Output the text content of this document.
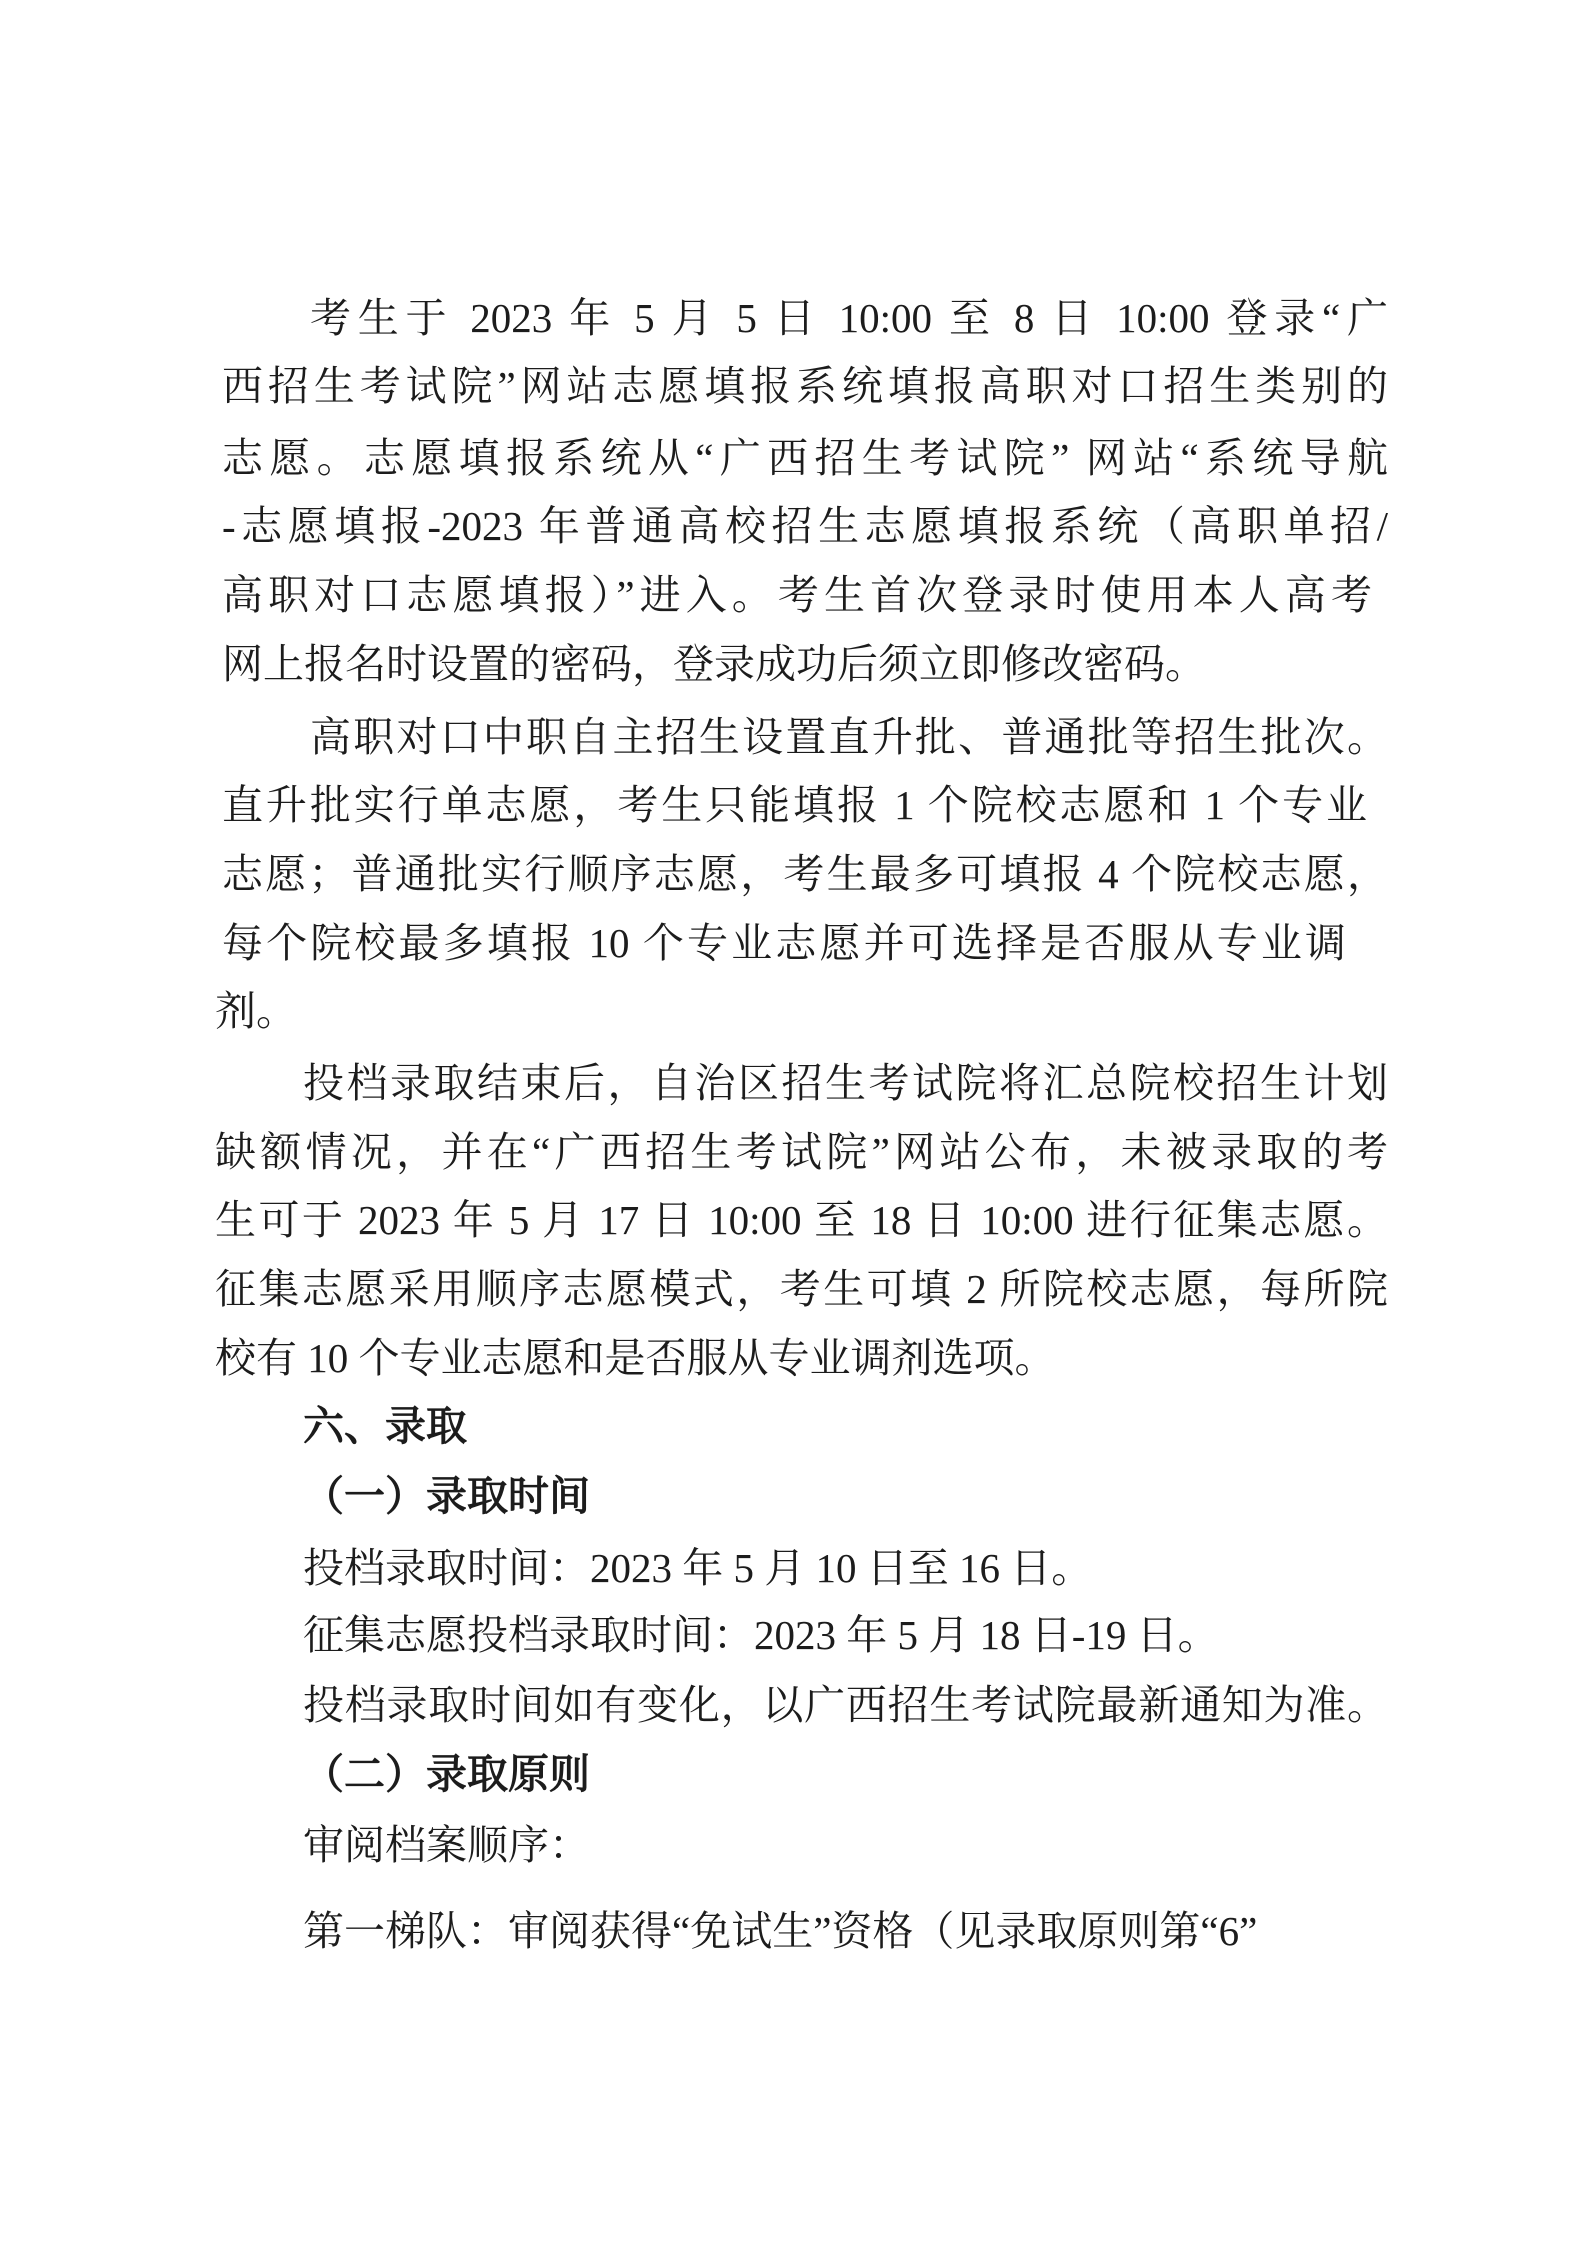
考生于 2023 年 5 月 5 日 10:00 至 8 日 10:00 登录“广
西招生考试院”网站志愿填报系统填报高职对口招生类别的
志愿。志愿填报系统从“广西招生考试院” 网站“系统导航
-志愿填报-2023 年普通高校招生志愿填报系统（高职单招/
高职对口志愿填报）”进入。考生首次登录时使用本人高考
网上报名时设置的密码，登录成功后须立即修改密码。
高职对口中职自主招生设置直升批、普通批等招生批次。
直升批实行单志愿，考生只能填报 1 个院校志愿和 1 个专业
志愿；普通批实行顺序志愿，考生最多可填报 4 个院校志愿，
每个院校最多填报 10 个专业志愿并可选择是否服从专业调
剂。
投档录取结束后，自治区招生考试院将汇总院校招生计划
缺额情况，并在“广西招生考试院”网站公布，未被录取的考
生可于 2023 年 5 月 17 日 10:00 至 18 日 10:00 进行征集志愿。
征集志愿采用顺序志愿模式，考生可填 2 所院校志愿，每所院
校有 10 个专业志愿和是否服从专业调剂选项。
六、录取
（一）录取时间
投档录取时间：2023 年 5 月 10 日至 16 日。
征集志愿投档录取时间：2023 年 5 月 18 日-19 日。
投档录取时间如有变化，以广西招生考试院最新通知为准。
（二）录取原则
审阅档案顺序：
第一梯队：审阅获得“免试生”资格（见录取原则第“6”
